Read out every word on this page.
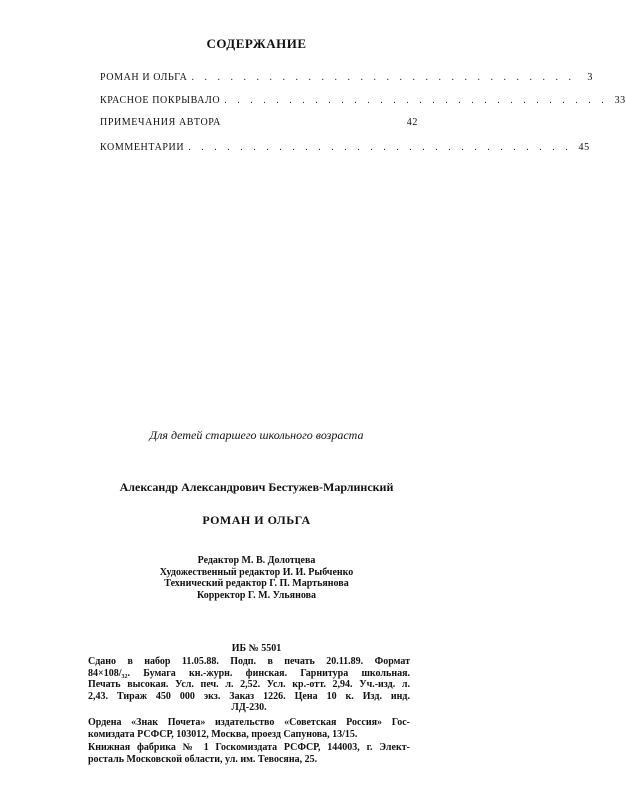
СОДЕРЖАНИЕ
РОМАН И ОЛЬГА . . . . . . . . . . . . . . . . . . . . . . . . . . . . . .	3
КРАСНОЕ ПОКРЫВАЛО . . . . . . . . . . . . . . . . . . . . . . . . . . . . . . 33
ПРИМЕЧАНИЯ АВТОРА	42
КОММЕНТАРИИ . . . . . . . . . . . . . . . . . . . . . . . . . . . . . . 45
Для детей старшего школьного возраста
Александр Александрович Бестужев-Марлинский
РОМАН И ОЛЬГА
Редактор М. В. Долотцева
Художественный редактор И. И. Рыбченко
Технический редактор Г. П. Мартьянова
Корректор Г. М. Ульянова
ИБ № 5501
Сдано в набор 11.05.88. Подп. в печать 20.11.89. Формат
84×108/₃₂. Бумага кн.-журн. финская. Гарнитура школьная.
Печать высокая. Усл. печ. л. 2,52. Усл. кр.-отт. 2,94. Уч.-изд. л.
2,43. Тираж 450 000 экз. Заказ 1226. Цена 10 к. Изд. инд.
ЛД-230.
Ордена «Знак Почета» издательство «Советская Россия» Гос-
комиздата РСФСР, 103012, Москва, проезд Сапунова, 13/15.
Книжная фабрика № 1 Госкомиздата РСФСР, 144003, г. Элект-
росталь Московской области, ул. им. Тевосяна, 25.
